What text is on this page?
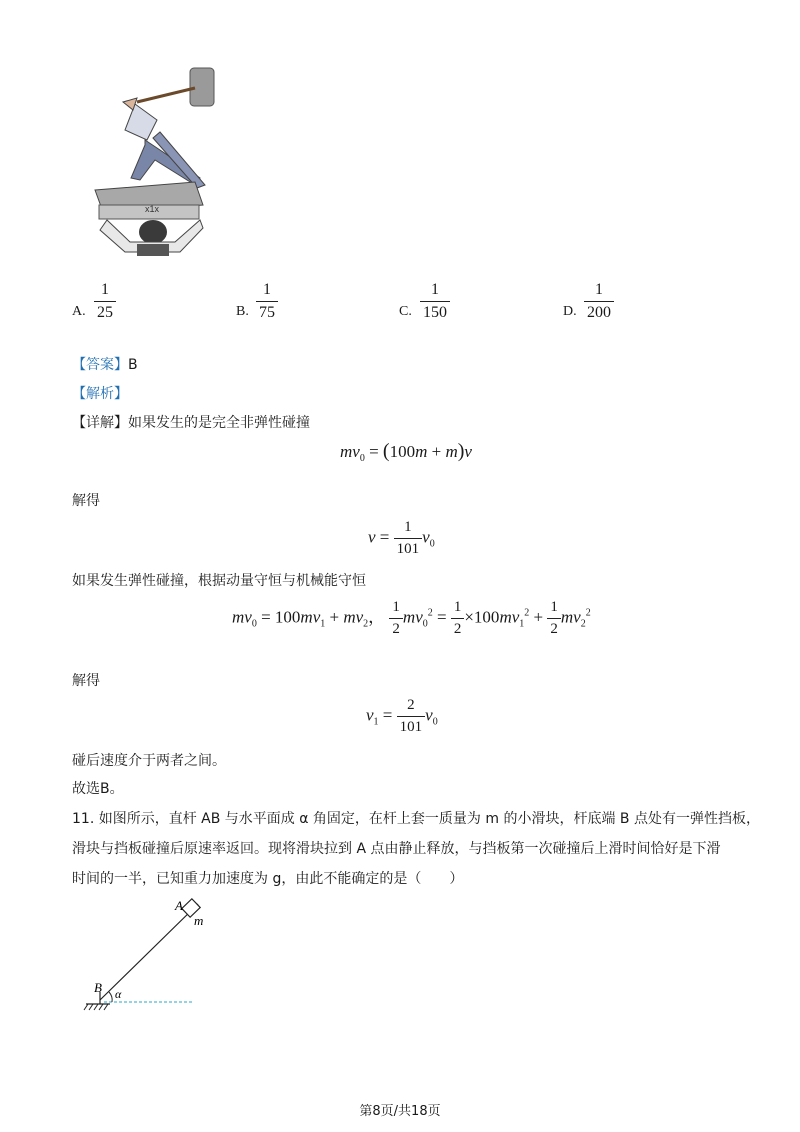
x1x
A. $\frac{1}{25}$	B. $\frac{1}{75}$	C. $\frac{1}{150}$	D. $\frac{1}{200}$
【答案】B
【解析】
【详解】如果发生的是完全非弹性碰撞
$mv_0 = (100m + m)v$
解得
$v = \frac{1}{101} v_0$
如果发生弹性碰撞，根据动量守恒与机械能守恒
$mv_0 = 100mv_1 + mv_2$， $\frac{1}{2} mv_0^2 = \frac{1}{2} \times 100mv_1^2 + \frac{1}{2} mv_2^2$
解得
$v_1 = \frac{2}{101} v_0$
碰后速度介于两者之间。
故选B。
11. 如图所示，直杆 AB 与水平面成 α 角固定，在杆上套一质量为 m 的小滑块，杆底端 B 点处有一弹性挡板，
滑块与挡板碰撞后原速率返回。现将滑块拉到 A 点由静止释放，与挡板第一次碰撞后上滑时间恰好是下滑
时间的一半，已知重力加速度为 g，由此不能确定的是（　　）
A
m
B α
第8页/共18页
